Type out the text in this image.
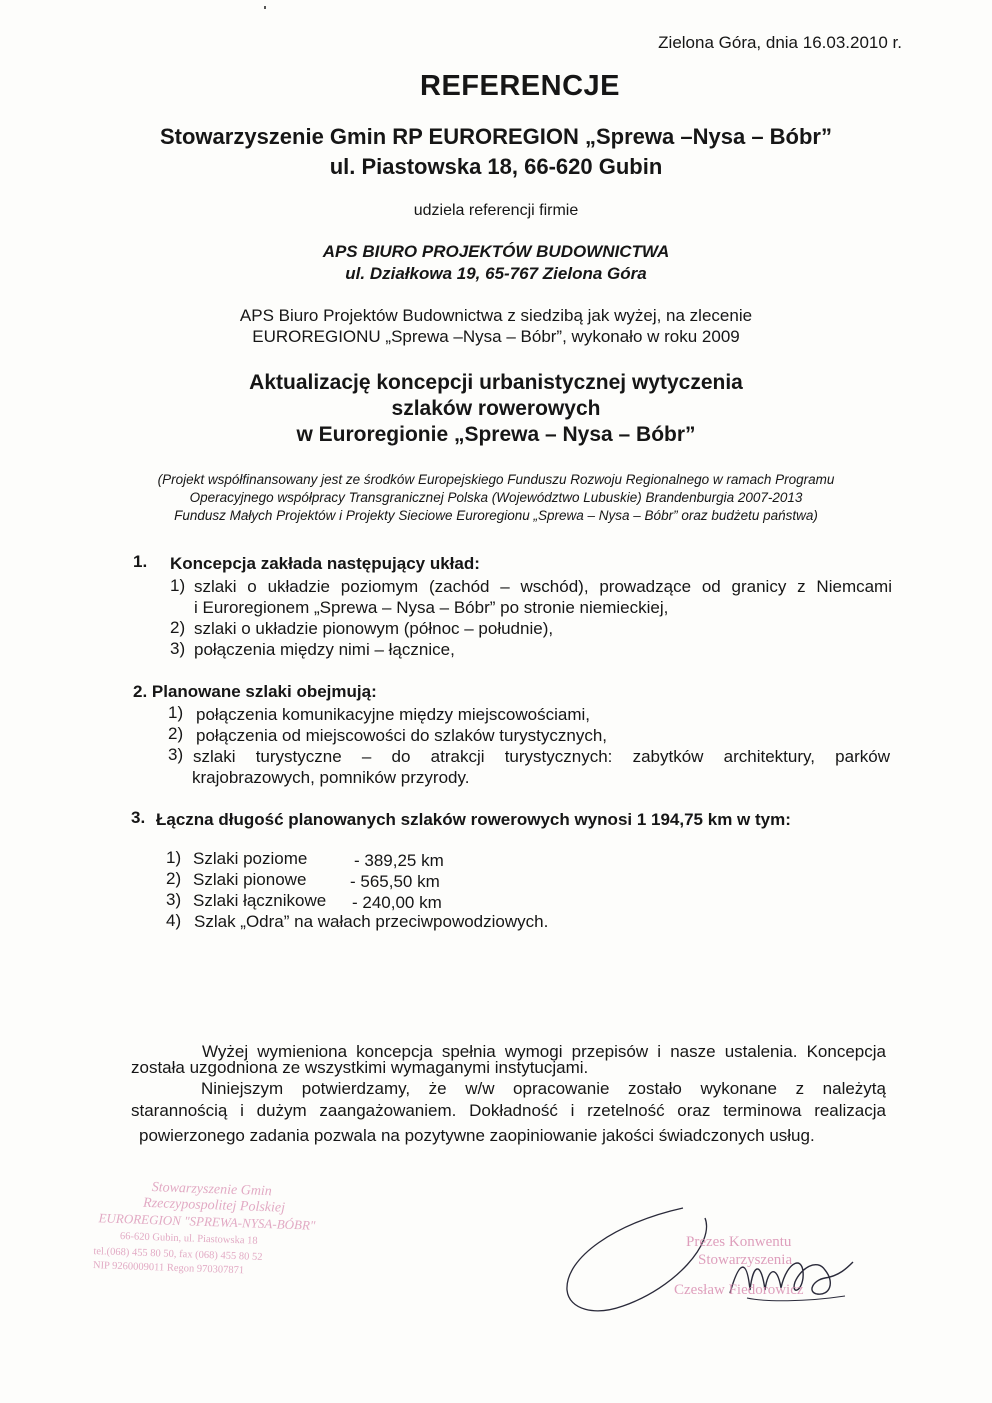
Zielona Góra, dnia 16.03.2010 r.
REFERENCJE
Stowarzyszenie Gmin RP EUROREGION „Sprewa –Nysa – Bóbr”
ul. Piastowska 18, 66-620 Gubin
udziela referencji firmie
APS BIURO PROJEKTÓW BUDOWNICTWA
ul. Działkowa 19, 65-767 Zielona Góra
APS Biuro Projektów Budownictwa z siedzibą jak wyżej, na zlecenie
EUROREGIONU „Sprewa –Nysa – Bóbr”, wykonało w roku 2009
Aktualizację koncepcji urbanistycznej wytyczenia
szlaków rowerowych
w Euroregionie „Sprewa – Nysa – Bóbr”
(Projekt współfinansowany jest ze środków Europejskiego Funduszu Rozwoju Regionalnego w ramach Programu
Operacyjnego współpracy Transgranicznej Polska (Województwo Lubuskie) Brandenburgia 2007-2013
Fundusz Małych Projektów i Projekty Sieciowe Euroregionu „Sprewa – Nysa – Bóbr” oraz budżetu państwa)
1. Koncepcja zakłada następujący układ:
1) szlaki o układzie poziomym (zachód – wschód), prowadzące od granicy z Niemcami
i Euroregionem „Sprewa – Nysa – Bóbr” po stronie niemieckiej,
2) szlaki o układzie pionowym (północ – południe),
3) połączenia między nimi – łącznice,
2. Planowane szlaki obejmują:
1) połączenia komunikacyjne między miejscowościami,
2) połączenia od miejscowości do szlaków turystycznych,
3) szlaki turystyczne – do atrakcji turystycznych: zabytków architektury, parków
krajobrazowych, pomników przyrody.
3. Łączna długość planowanych szlaków rowerowych wynosi 1 194,75 km w tym:
1) Szlaki poziome	- 389,25 km
2) Szlaki pionowe	- 565,50 km
3) Szlaki łącznikowe - 240,00 km
4) Szlak „Odra” na wałach przeciwpowodziowych.
Wyżej wymieniona koncepcja spełnia wymogi przepisów i nasze ustalenia. Koncepcja
została uzgodniona ze wszystkimi wymaganymi instytucjami.
Niniejszym potwierdzamy, że w/w opracowanie zostało wykonane z należytą
starannością i dużym zaangażowaniem. Dokładność i rzetelność oraz terminowa realizacja
powierzonego zadania pozwala na pozytywne zaopiniowanie jakości świadczonych usług.
Stowarzyszenie Gmin
Rzeczypospolitej Polskiej
EUROREGION "SPREWA-NYSA-BÓBR"
66-620 Gubin, ul. Piastowska 18
tel.(068) 455 80 50, fax (068) 455 80 52
NIP 9260009011 Regon 970307871
Prezes Konwentu
Stowarzyszenia
Czesław Fiedorowicz
